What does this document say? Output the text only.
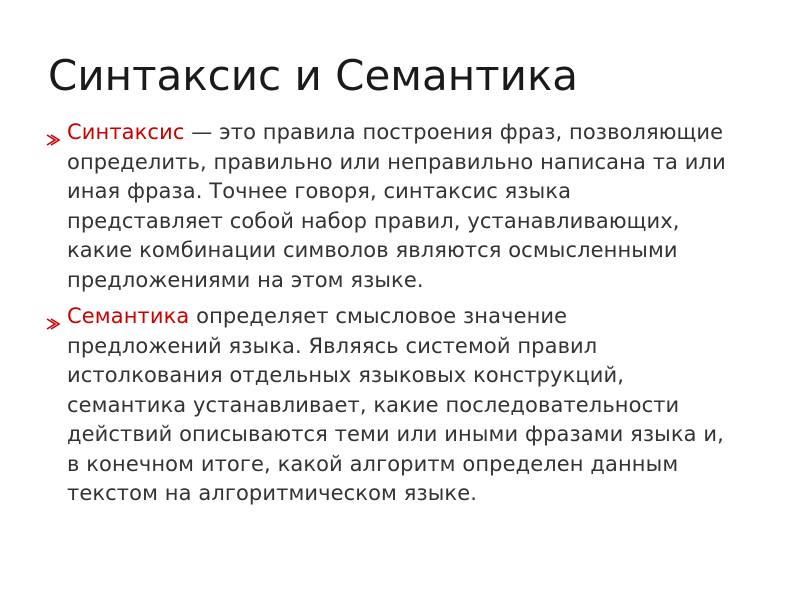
Синтаксис и Семантика
Синтаксис — это правила построения фраз, позволяющие определить, правильно или неправильно написана та или иная фраза. Точнее говоря, синтаксис языка представляет собой набор правил, устанавливающих, какие комбинации символов являются осмысленными предложениями на этом языке.
Семантика определяет смысловое значение предложений языка. Являясь системой правил истолкования отдельных языковых конструкций, семантика устанавливает, какие последовательности действий описываются теми или иными фразами языка и, в конечном итоге, какой алгоритм определен данным текстом на алгоритмическом языке.
